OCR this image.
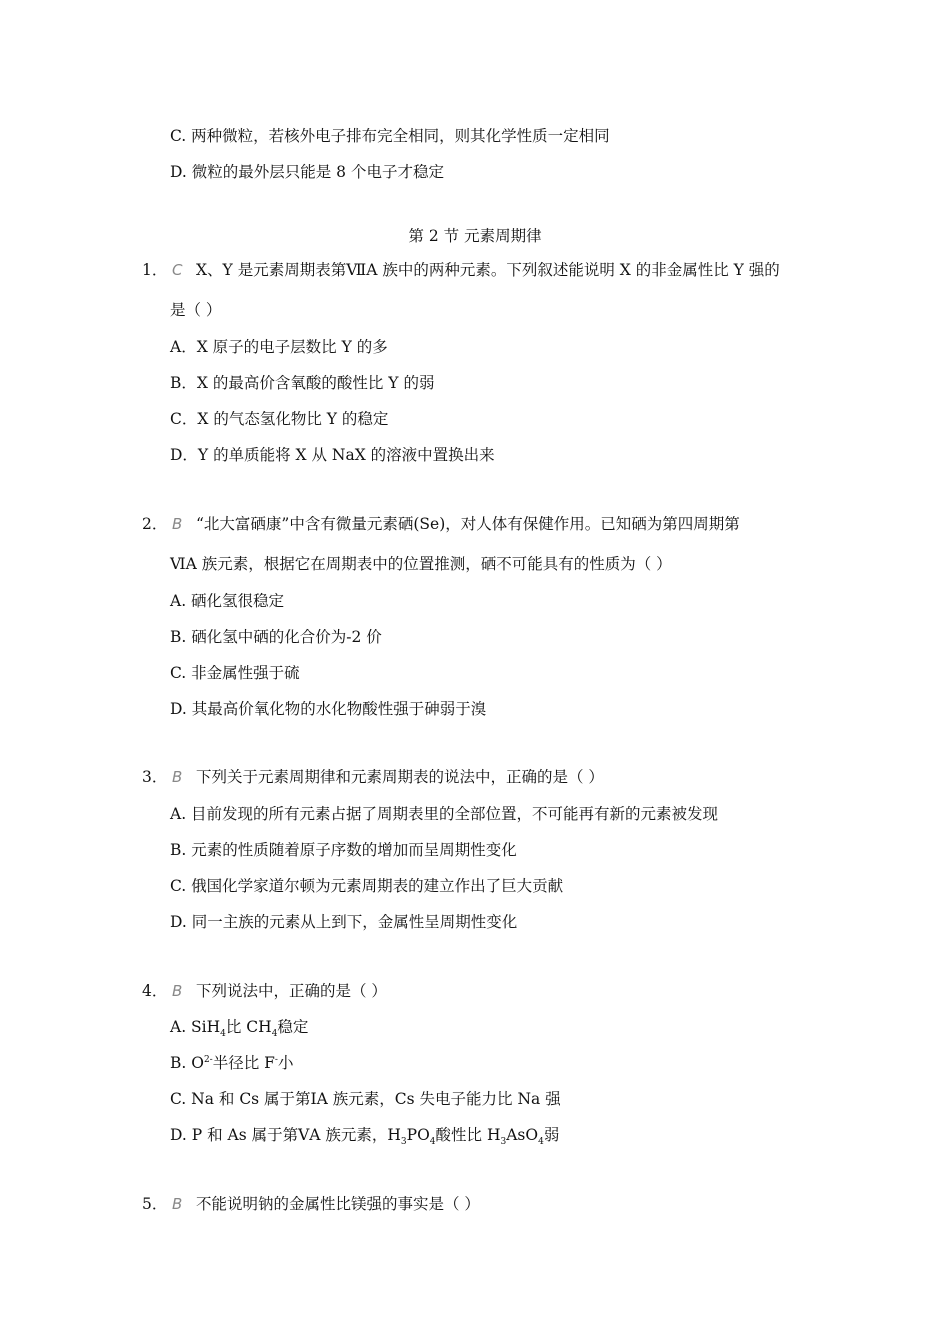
C. 两种微粒，若核外电子排布完全相同，则其化学性质一定相同
D. 微粒的最外层只能是 8 个电子才稳定
第 2 节 元素周期律
1． C X、Y 是元素周期表第ⅦA 族中的两种元素。下列叙述能说明 X 的非金属性比 Y 强的
是（ ）
A．X 原子的电子层数比 Y 的多
B．X 的最高价含氧酸的酸性比 Y 的弱
C．X 的气态氢化物比 Y 的稳定
D．Y 的单质能将 X 从 NaX 的溶液中置换出来
2． B “北大富硒康”中含有微量元素硒(Se)，对人体有保健作用。已知硒为第四周期第
ⅥA 族元素，根据它在周期表中的位置推测，硒不可能具有的性质为（ ）
A. 硒化氢很稳定
B. 硒化氢中硒的化合价为-2 价
C. 非金属性强于硫
D. 其最高价氧化物的水化物酸性强于砷弱于溴
3． B 下列关于元素周期律和元素周期表的说法中，正确的是（ ）
A. 目前发现的所有元素占据了周期表里的全部位置，不可能再有新的元素被发现
B. 元素的性质随着原子序数的增加而呈周期性变化
C. 俄国化学家道尔顿为元素周期表的建立作出了巨大贡献
D. 同一主族的元素从上到下，金属性呈周期性变化
4． B 下列说法中，正确的是（ ）
A. SiH$_4$比 $CH_4$稳定
B. $O^{2-}$半径比 F-小
C. Na 和 Cs 属于第ⅠA 族元素，Cs 失电子能力比 Na 强
D. P 和 As 属于第ⅤA 族元素，$H_3PO_4$酸性比 $H_3AsO_4$弱
5． B 不能说明钠的金属性比镁强的事实是（ ）
